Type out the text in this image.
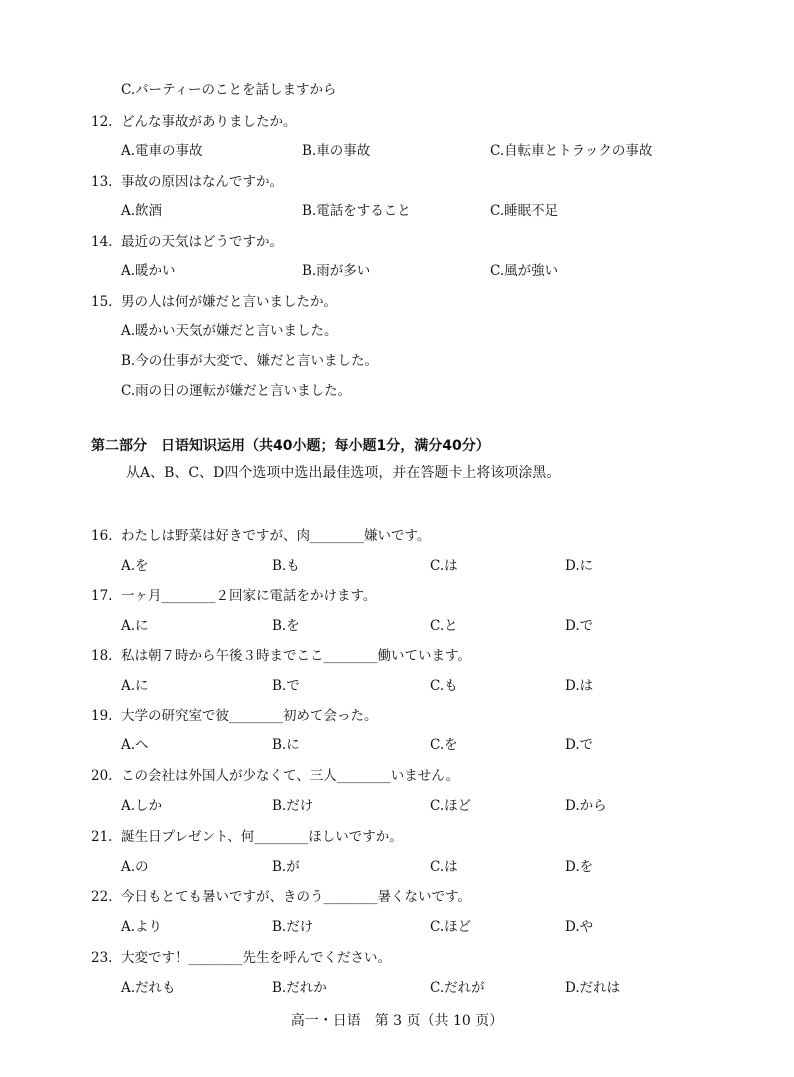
C.パーティーのことを話しますから
12. どんな事故がありましたか。
A.電車の事故	B.車の事故	C.自転車とトラックの事故
13. 事故の原因はなんですか。
A.飲酒	B.電話をすること	C.睡眠不足
14. 最近の天気はどうですか。
A.暖かい	B.雨が多い	C.風が強い
15. 男の人は何が嫌だと言いましたか。
A.暖かい天気が嫌だと言いました。
B.今の仕事が大変で、嫌だと言いました。
C.雨の日の運転が嫌だと言いました。
第二部分　日语知识运用（共40小题；每小题1分，满分40分）
从A、B、C、D四个选项中选出最佳选项，并在答题卡上将该项涂黑。
16. わたしは野菜は好きですが、肉________嫌いです。
A.を	B.も	C.は	D.に
17. 一ヶ月________２回家に電話をかけます。
A.に	B.を	C.と	D.で
18. 私は朝７時から午後３時までここ________働いています。
A.に	B.で	C.も	D.は
19. 大学の研究室で彼________初めて会った。
A.へ	B.に	C.を	D.で
20. この会社は外国人が少なくて、三人________いません。
A.しか	B.だけ	C.ほど	D.から
21. 誕生日プレゼント、何________ほしいですか。
A.の	B.が	C.は	D.を
22. 今日もとても暑いですが、きのう________暑くないです。
A.より	B.だけ	C.ほど	D.や
23. 大変です！________先生を呼んでください。
A.だれも	B.だれか	C.だれが	D.だれは
高一・日语　第 3 页（共 10 页）
